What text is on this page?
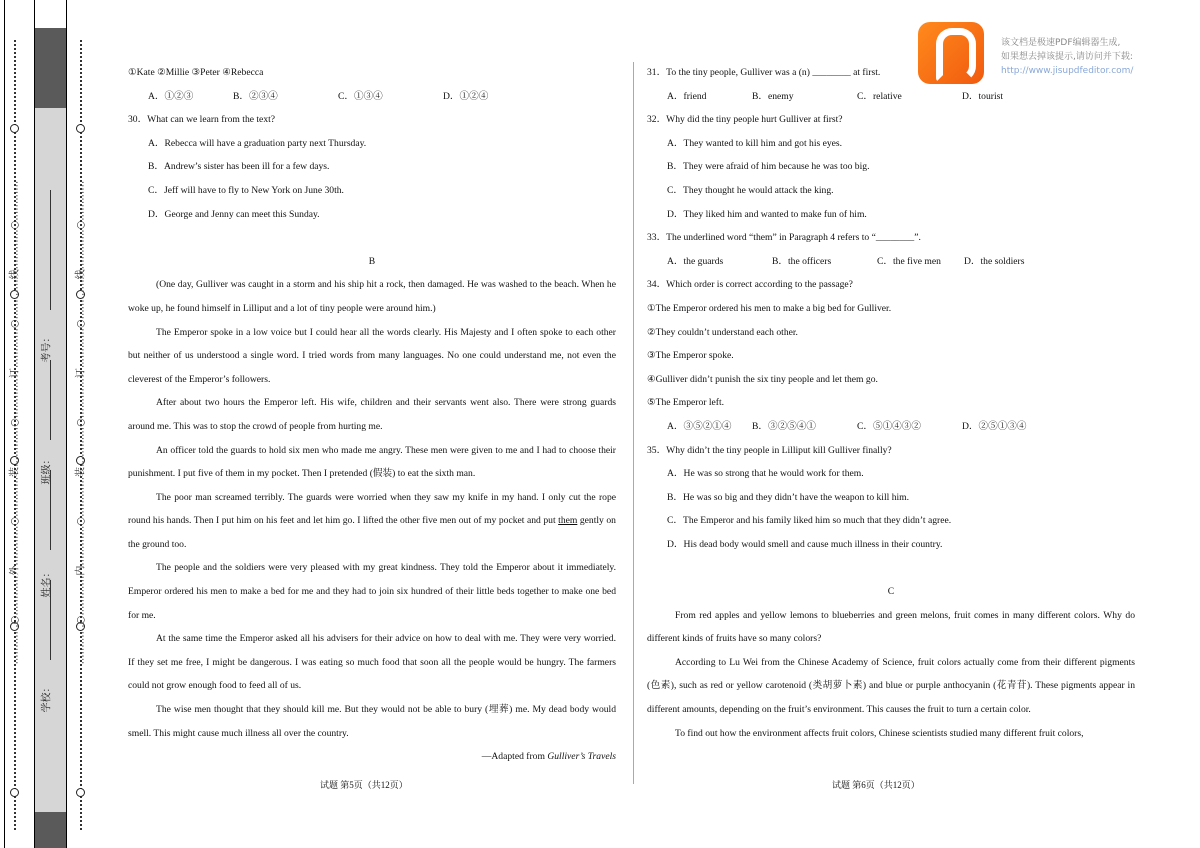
…………○…………外…………○…………装…………○…………订…………○…………线…………○…………	…………○…………内…………○…………装…………○…………订…………○…………线…………○…………
学校：
姓名：
班级：
考号：

①Kate ②Millie ③Peter ④Rebecca

A．①②③	B．②③④	C．①③④	D．①②④

30．What can we learn from the text?

A．Rebecca will have a graduation party next Thursday.

B．Andrew’s sister has been ill for a few days.

C．Jeff will have to fly to New York on June 30th.

D．George and Jenny can meet this Sunday.

B

(One day, Gulliver was caught in a storm and his ship hit a rock, then damaged. He was washed to the beach. When he woke up, he found himself in Lilliput and a lot of tiny people were around him.)

The Emperor spoke in a low voice but I could hear all the words clearly. His Majesty and I often spoke to each other but neither of us understood a single word. I tried words from many languages. No one could understand me, not even the cleverest of the Emperor’s followers.

After about two hours the Emperor left. His wife, children and their servants went also. There were strong guards around me. This was to stop the crowd of people from hurting me.

An officer told the guards to hold six men who made me angry. These men were given to me and I had to choose their punishment. I put five of them in my pocket. Then I pretended (假装) to eat the sixth man.

The poor man screamed terribly. The guards were worried when they saw my knife in my hand. I only cut the rope round his hands. Then I put him on his feet and let him go. I lifted the other five men out of my pocket and put them gently on the ground too.

The people and the soldiers were very pleased with my great kindness. They told the Emperor about it immediately. Emperor ordered his men to make a bed for me and they had to join six hundred of their little beds together to make one bed for me.

At the same time the Emperor asked all his advisers for their advice on how to deal with me. They were very worried. If they set me free, I might be dangerous. I was eating so much food that soon all the people would be hungry. The farmers could not grow enough food to feed all of us.

The wise men thought that they should kill me. But they would not be able to bury (埋葬) me. My dead body would smell. This might cause much illness all over the country.

—Adapted from Gulliver’s Travels

31．To the tiny people, Gulliver was a (n) ________ at first.

A．friend	B．enemy	C．relative	D．tourist

32．Why did the tiny people hurt Gulliver at first?

A．They wanted to kill him and got his eyes.

B．They were afraid of him because he was too big.

C．They thought he would attack the king.

D．They liked him and wanted to make fun of him.

33．The underlined word “them” in Paragraph 4 refers to “________”.

A．the guards	B．the officers	C．the five men	D．the soldiers

34．Which order is correct according to the passage?

①The Emperor ordered his men to make a big bed for Gulliver.

②They couldn’t understand each other.

③The Emperor spoke.

④Gulliver didn’t punish the six tiny people and let them go.

⑤The Emperor left.

A．③⑤②①④	B．③②⑤④①	C．⑤①④③②	D．②⑤①③④

35．Why didn’t the tiny people in Lilliput kill Gulliver finally?

A．He was so strong that he would work for them.

B．He was so big and they didn’t have the weapon to kill him.

C．The Emperor and his family liked him so much that they didn’t agree.

D．His dead body would smell and cause much illness in their country.

C

From red apples and yellow lemons to blueberries and green melons, fruit comes in many different colors. Why do different kinds of fruits have so many colors?

According to Lu Wei from the Chinese Academy of Science, fruit colors actually come from their different pigments (色素), such as red or yellow carotenoid (类胡萝卜素) and blue or purple anthocyanin (花青苷). These pigments appear in different amounts, depending on the fruit’s environment. This causes the fruit to turn a certain color.

To find out how the environment affects fruit colors, Chinese scientists studied many different fruit colors,

试题 第5页（共12页）	试题 第6页（共12页）
该文档是极速PDF编辑器生成,
如果想去掉该提示,请访问并下载:
http://www.jisupdfeditor.com/
